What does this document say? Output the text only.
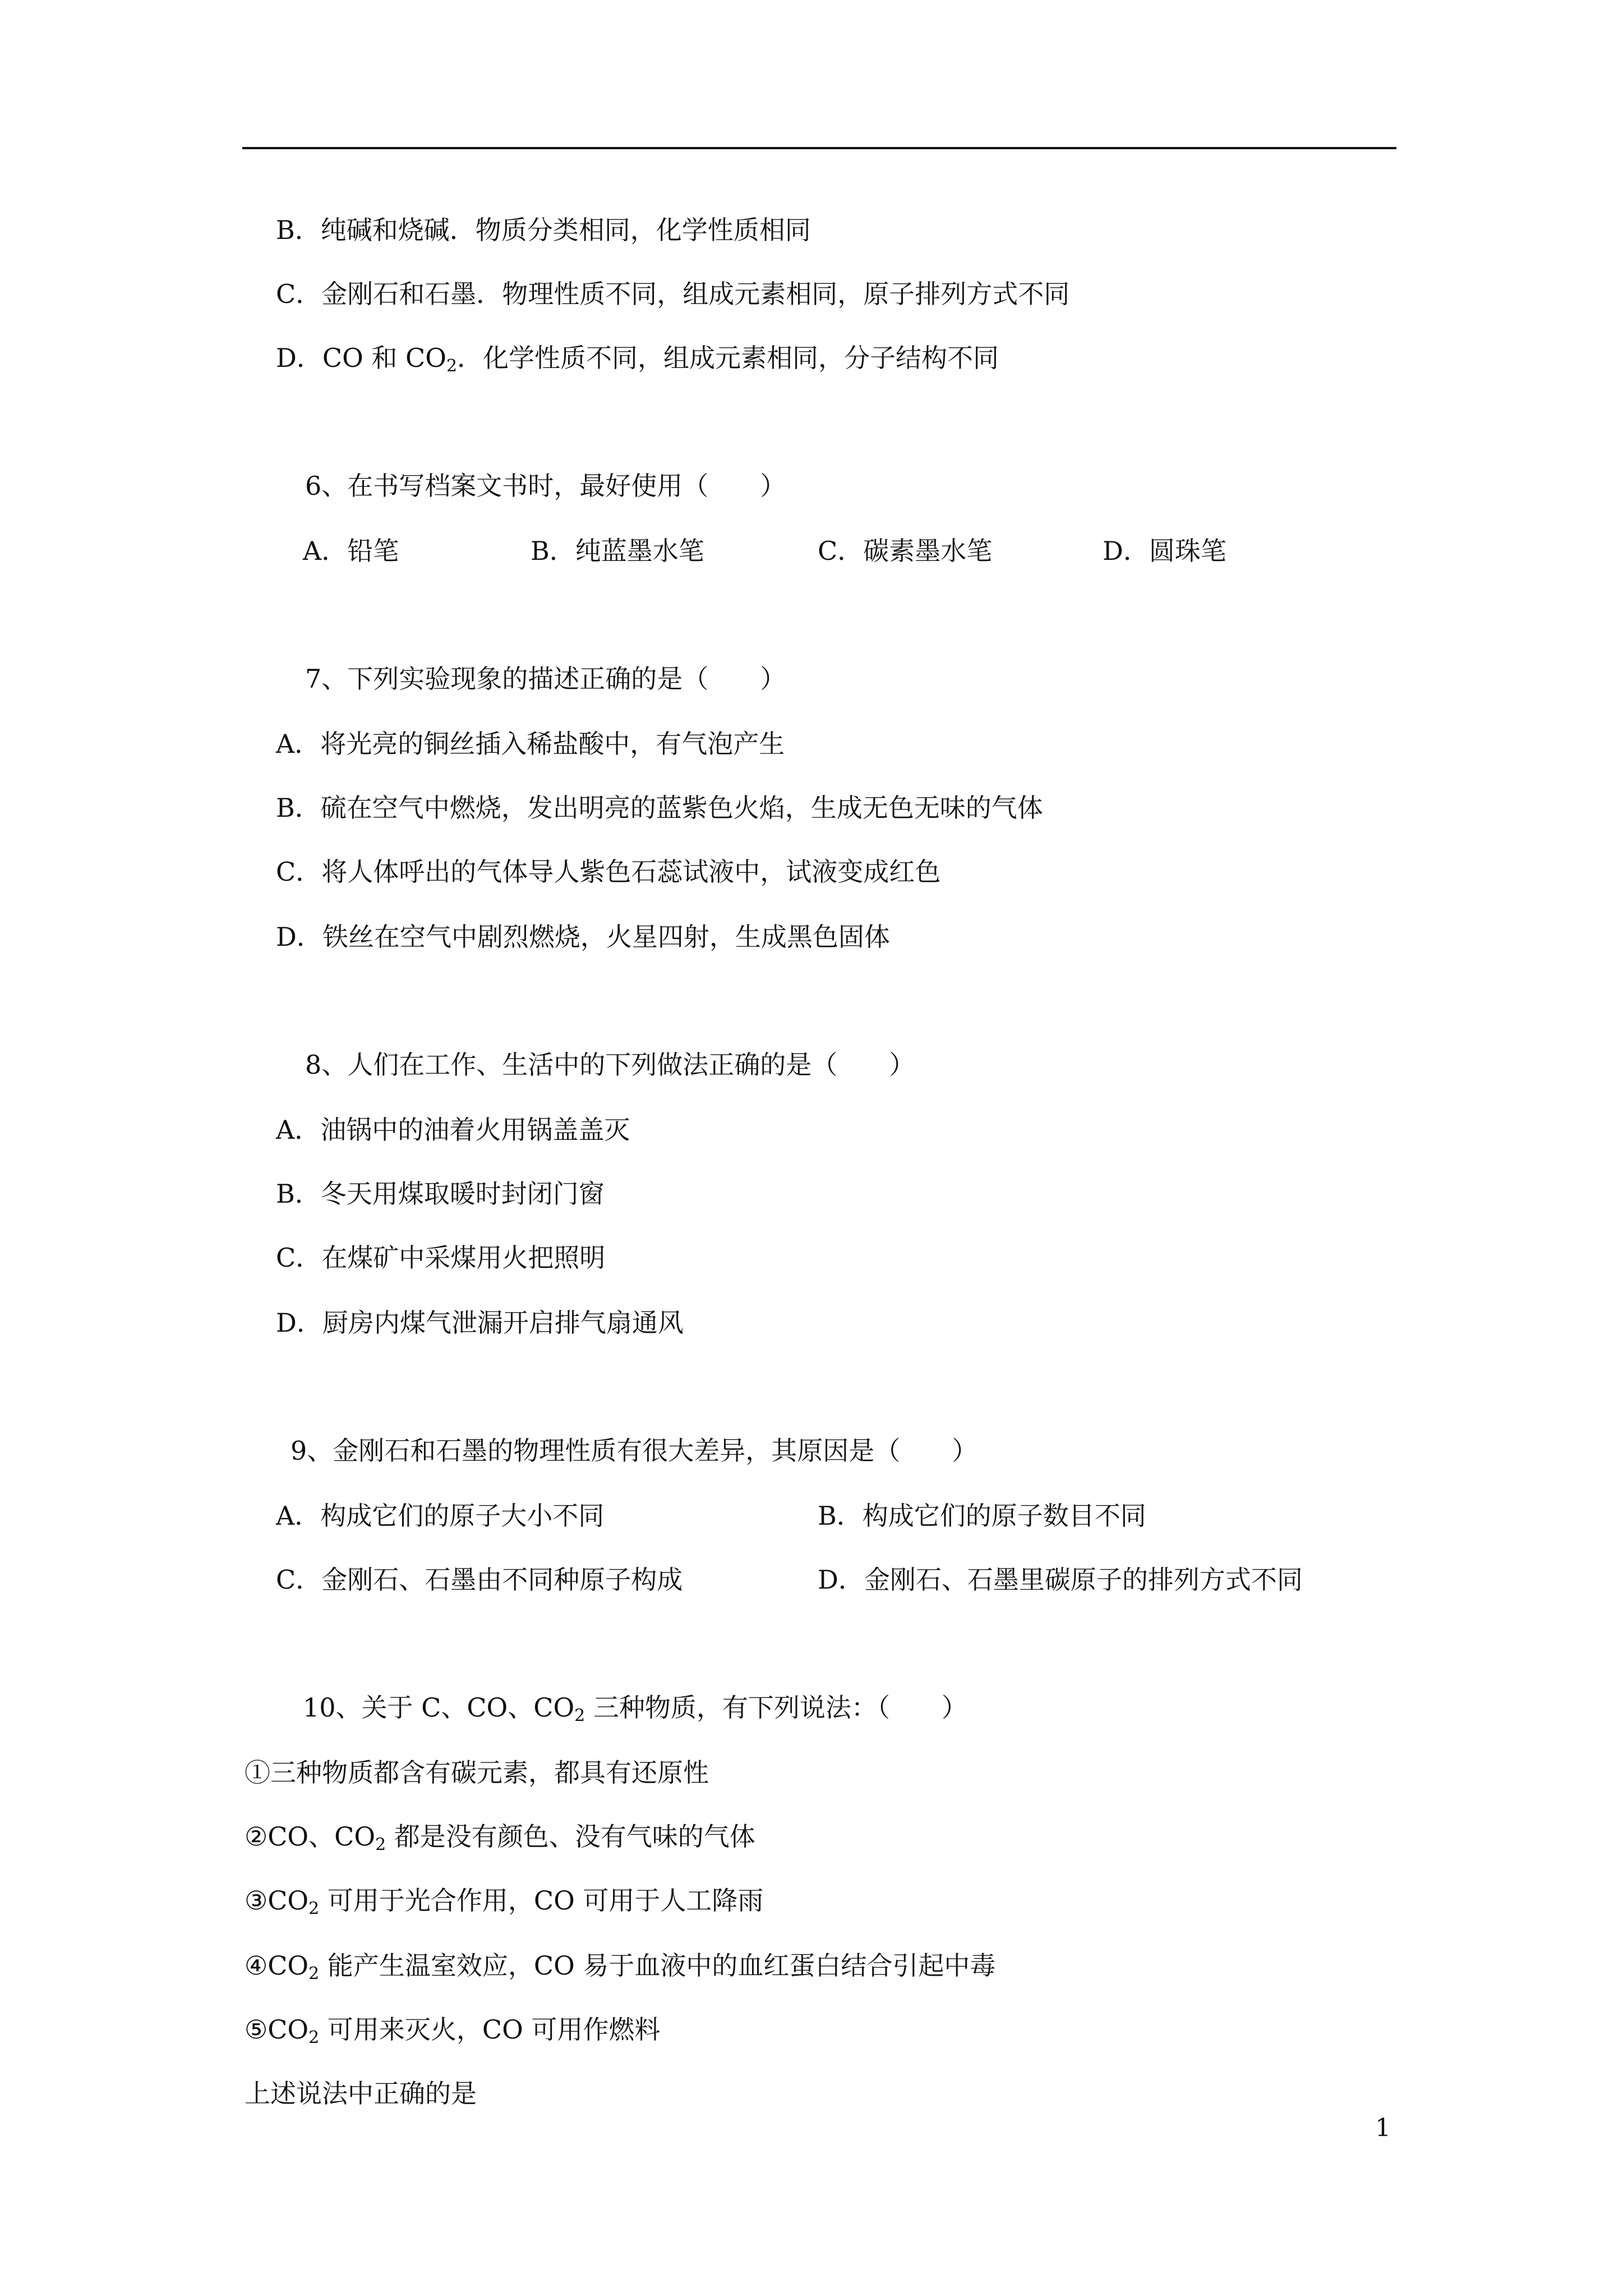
B．纯碱和烧碱．物质分类相同，化学性质相同
C．金刚石和石墨．物理性质不同，组成元素相同，原子排列方式不同
D．CO 和 $CO_2$．化学性质不同，组成元素相同，分子结构不同
6、在书写档案文书时，最好使用（　　）
A．铅笔	B．纯蓝墨水笔	C．碳素墨水笔	D．圆珠笔
7、下列实验现象的描述正确的是（　　）
A．将光亮的铜丝插入稀盐酸中，有气泡产生
B．硫在空气中燃烧，发出明亮的蓝紫色火焰，生成无色无味的气体
C．将人体呼出的气体导人紫色石蕊试液中，试液变成红色
D．铁丝在空气中剧烈燃烧，火星四射，生成黑色固体
8、人们在工作、生活中的下列做法正确的是（　　）
A．油锅中的油着火用锅盖盖灭
B．冬天用煤取暖时封闭门窗
C．在煤矿中采煤用火把照明
D．厨房内煤气泄漏开启排气扇通风
9、金刚石和石墨的物理性质有很大差异，其原因是（　　）
A．构成它们的原子大小不同	B．构成它们的原子数目不同
C．金刚石、石墨由不同种原子构成	D．金刚石、石墨里碳原子的排列方式不同
10、关于 C、CO、$CO_2$ 三种物质，有下列说法：（　　）
①三种物质都含有碳元素，都具有还原性
②CO、$CO_2$ 都是没有颜色、没有气味的气体
$③CO_2$ 可用于光合作用，CO 可用于人工降雨
$④CO_2$ 能产生温室效应，CO 易于血液中的血红蛋白结合引起中毒
$⑤CO_2$ 可用来灭火，CO 可用作燃料
上述说法中正确的是
1
